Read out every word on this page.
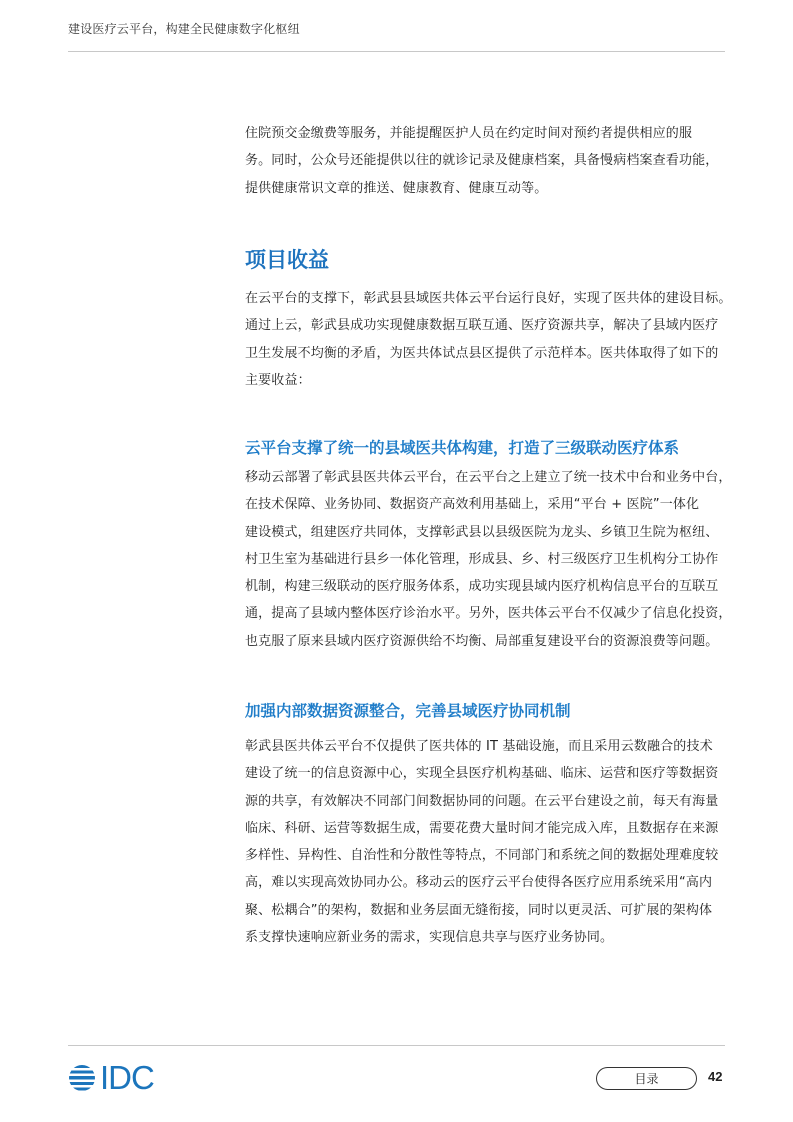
建设医疗云平台，构建全民健康数字化枢纽

住院预交金缴费等服务，并能提醒医护人员在约定时间对预约者提供相应的服

务。同时，公众号还能提供以往的就诊记录及健康档案，具备慢病档案查看功能，

提供健康常识文章的推送、健康教育、健康互动等。

项目收益

在云平台的支撑下，彰武县县域医共体云平台运行良好，实现了医共体的建设目标。

通过上云，彰武县成功实现健康数据互联互通、医疗资源共享，解决了县域内医疗

卫生发展不均衡的矛盾，为医共体试点县区提供了示范样本。医共体取得了如下的

主要收益：

云平台支撑了统一的县域医共体构建，打造了三级联动医疗体系

移动云部署了彰武县医共体云平台，在云平台之上建立了统一技术中台和业务中台，

在技术保障、业务协同、数据资产高效利用基础上，采用“平台 + 医院”一体化

建设模式，组建医疗共同体，支撑彰武县以县级医院为龙头、乡镇卫生院为枢纽、

村卫生室为基础进行县乡一体化管理，形成县、乡、村三级医疗卫生机构分工协作

机制，构建三级联动的医疗服务体系，成功实现县域内医疗机构信息平台的互联互

通，提高了县域内整体医疗诊治水平。另外，医共体云平台不仅减少了信息化投资，

也克服了原来县域内医疗资源供给不均衡、局部重复建设平台的资源浪费等问题。

加强内部数据资源整合，完善县域医疗协同机制

彰武县医共体云平台不仅提供了医共体的 IT 基础设施，而且采用云数融合的技术

建设了统一的信息资源中心，实现全县医疗机构基础、临床、运营和医疗等数据资

源的共享，有效解决不同部门间数据协同的问题。在云平台建设之前，每天有海量

临床、科研、运营等数据生成，需要花费大量时间才能完成入库，且数据存在来源

多样性、异构性、自治性和分散性等特点，不同部门和系统之间的数据处理难度较

高，难以实现高效协同办公。移动云的医疗云平台使得各医疗应用系统采用“高内

聚、松耦合”的架构，数据和业务层面无缝衔接，同时以更灵活、可扩展的架构体

系支撑快速响应新业务的需求，实现信息共享与医疗业务协同。

IDC	目录	42
